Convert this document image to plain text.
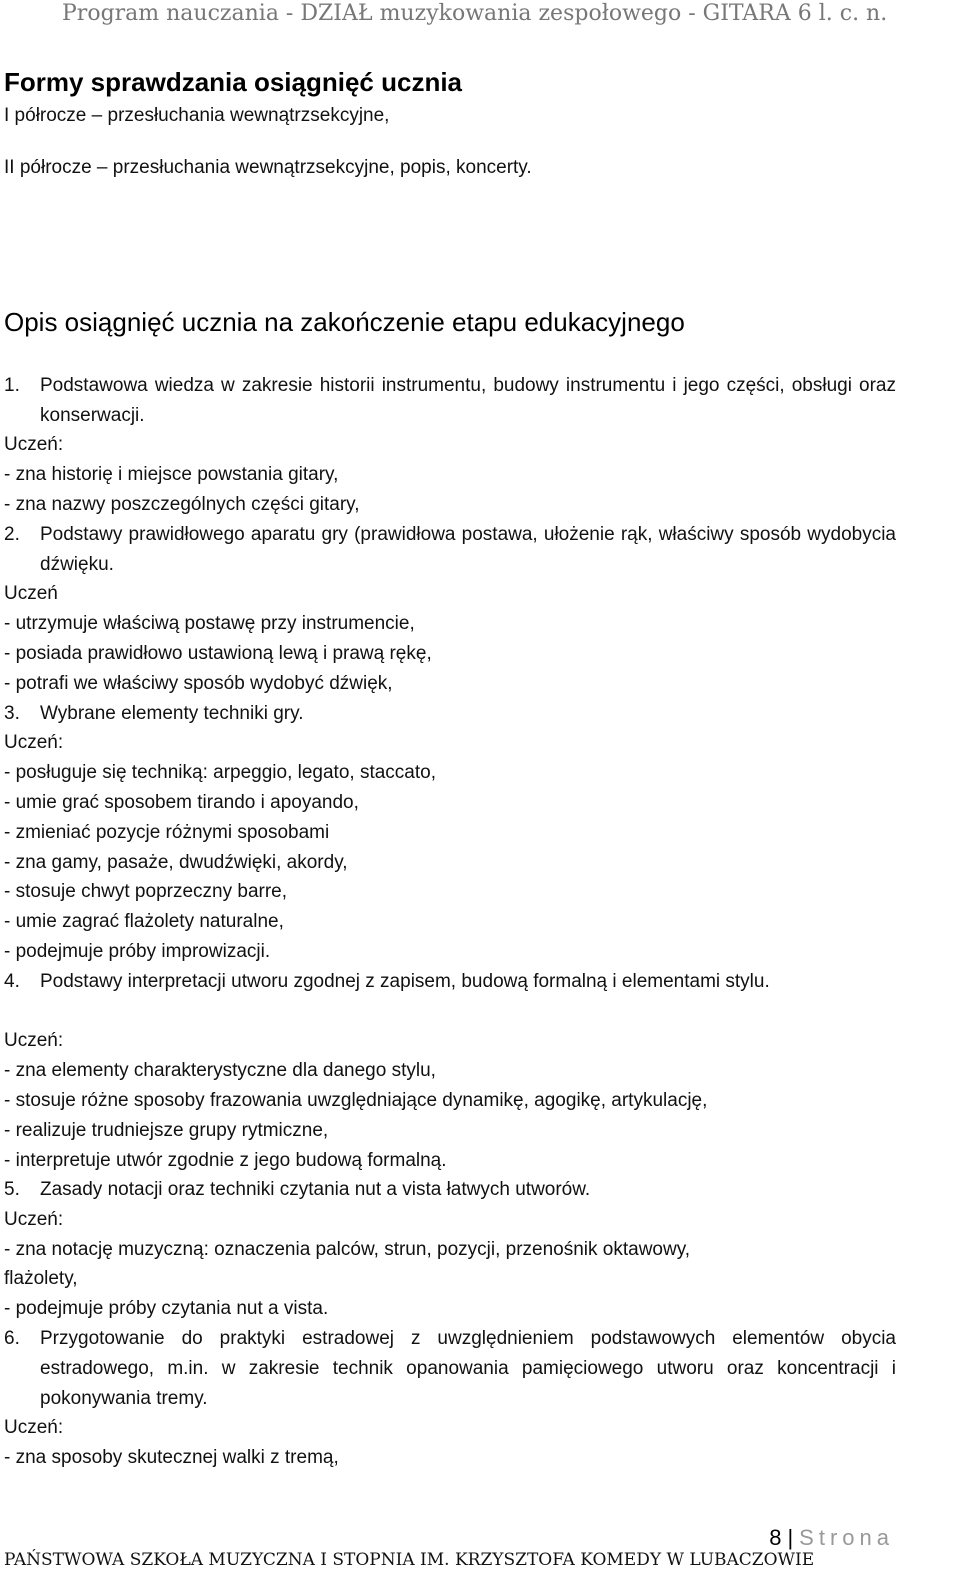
Program nauczania - DZIAŁ muzykowania zespołowego - GITARA 6 l. c. n.
Formy sprawdzania osiągnięć ucznia
I półrocze – przesłuchania wewnątrzsekcyjne,
II półrocze – przesłuchania wewnątrzsekcyjne, popis, koncerty.
Opis osiągnięć ucznia na zakończenie etapu edukacyjnego
1. Podstawowa wiedza w zakresie historii instrumentu, budowy instrumentu i jego części, obsługi oraz konserwacji.
Uczeń:
- zna historię i miejsce powstania gitary,
- zna nazwy poszczególnych części gitary,
2. Podstawy prawidłowego aparatu gry (prawidłowa postawa, ułożenie rąk, właściwy sposób wydobycia dźwięku.
Uczeń
- utrzymuje właściwą postawę przy instrumencie,
- posiada prawidłowo ustawioną lewą i prawą rękę,
- potrafi we właściwy sposób wydobyć dźwięk,
3. Wybrane elementy techniki gry.
Uczeń:
- posługuje się techniką: arpeggio, legato, staccato,
- umie grać sposobem tirando i apoyando,
- zmieniać pozycje różnymi sposobami
- zna gamy, pasaże, dwudźwięki, akordy,
- stosuje chwyt poprzeczny barre,
- umie zagrać flażolety naturalne,
- podejmuje próby improwizacji.
4. Podstawy interpretacji utworu zgodnej z zapisem, budową formalną i elementami stylu.
Uczeń:
- zna elementy charakterystyczne dla danego stylu,
- stosuje różne sposoby frazowania uwzględniające dynamikę, agogikę, artykulację,
- realizuje trudniejsze grupy rytmiczne,
- interpretuje utwór zgodnie z jego budową formalną.
5. Zasady notacji oraz techniki czytania nut a vista łatwych utworów.
Uczeń:
- zna notację muzyczną: oznaczenia palców, strun, pozycji, przenośnik oktawowy,
flażolety,
- podejmuje próby czytania nut a vista.
6. Przygotowanie do praktyki estradowej z uwzględnieniem podstawowych elementów obycia estradowego, m.in. w zakresie technik opanowania pamięciowego utworu oraz koncentracji i pokonywania tremy.
Uczeń:
- zna sposoby skutecznej walki z tremą,
8 | Strona
PAŃSTWOWA SZKOŁA MUZYCZNA I STOPNIA IM. KRZYSZTOFA KOMEDY W LUBACZOWIE
